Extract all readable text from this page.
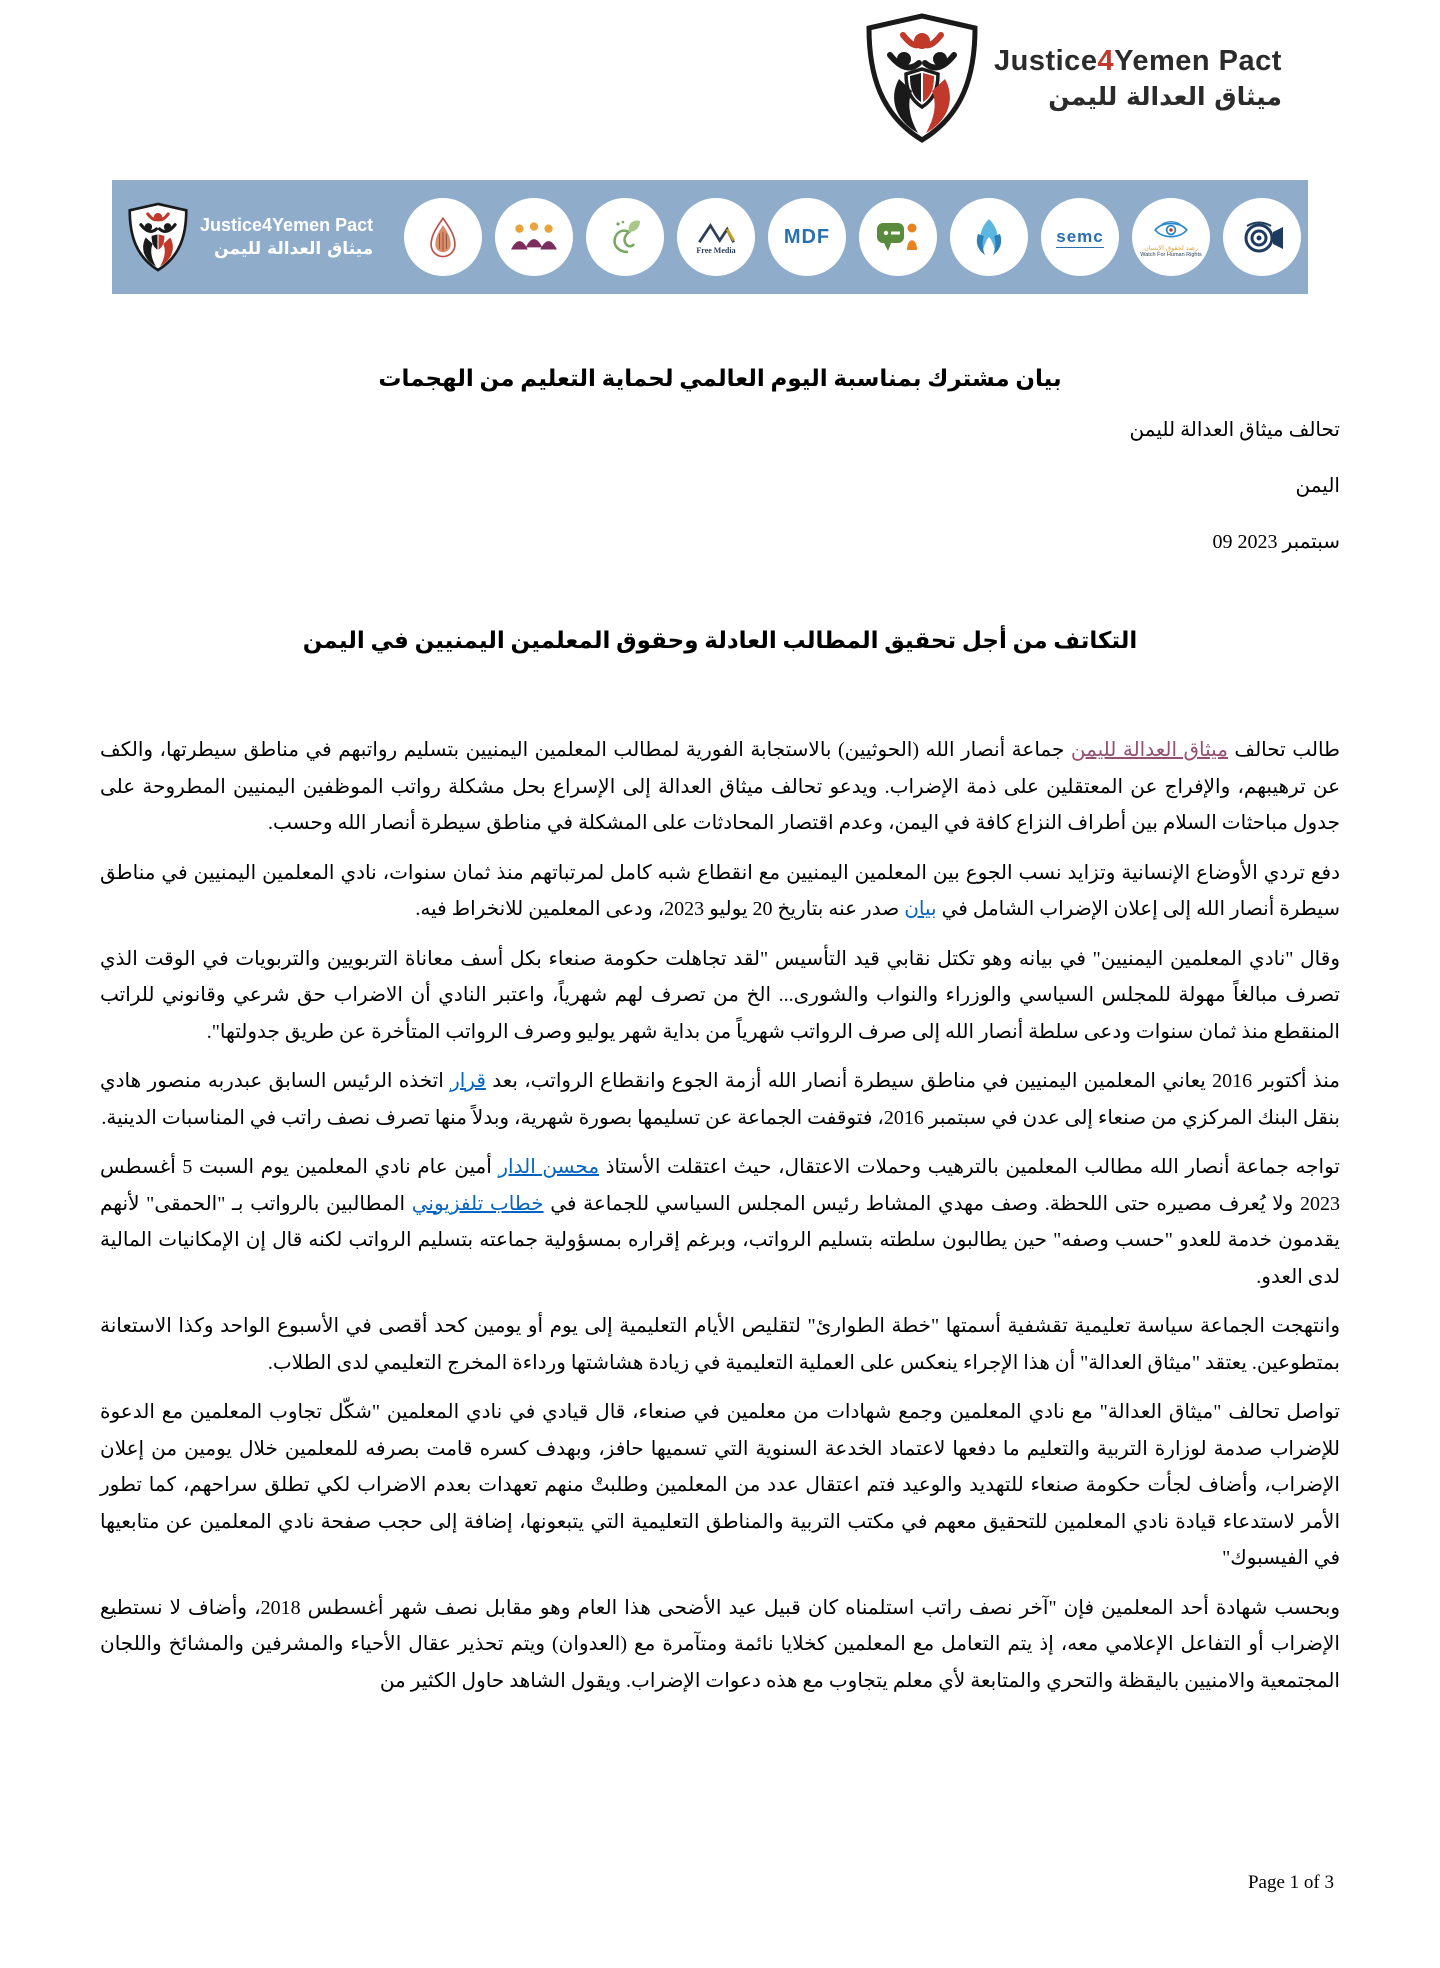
Justice4Yemen Pact
ميثاق العدالة لليمن
Justice4Yemen Pact
ميثاق العدالة للیمن	Free Media
MDF	semc
رصد لحقوق الإنسان
Watch For Human Rights
بيان مشترك بمناسبة اليوم العالمي لحماية التعليم من الهجمات
تحالف ميثاق العدالة لليمن
اليمن
09 سبتمبر 2023
التكاتف من أجل تحقيق المطالب العادلة وحقوق المعلمين اليمنيين في اليمن

طالب تحالف ميثاق العدالة لليمن جماعة أنصار الله (الحوثيين) بالاستجابة الفورية لمطالب المعلمين اليمنيين بتسليم رواتبهم في مناطق سيطرتها، والكف عن ترهيبهم، والإفراج عن المعتقلين على ذمة الإضراب. ويدعو تحالف ميثاق العدالة إلى الإسراع بحل مشكلة رواتب الموظفين اليمنيين المطروحة على جدول مباحثات السلام بين أطراف النزاع كافة في اليمن، وعدم اقتصار المحادثات على المشكلة في مناطق سيطرة أنصار الله وحسب.

دفع تردي الأوضاع الإنسانية وتزايد نسب الجوع بين المعلمين اليمنيين مع انقطاع شبه كامل لمرتباتهم منذ ثمان سنوات، نادي المعلمين اليمنيين في مناطق سيطرة أنصار الله إلى إعلان الإضراب الشامل في بيان صدر عنه بتاريخ 20 يوليو 2023، ودعى المعلمين للانخراط فيه.

وقال "نادي المعلمين اليمنيين" في بيانه وهو تكتل نقابي قيد التأسيس "لقد تجاهلت حكومة صنعاء بكل أسف معاناة التربويين والتربويات في الوقت الذي تصرف مبالغاً مهولة للمجلس السياسي والوزراء والنواب والشورى... الخ من تصرف لهم شهرياً، واعتبر النادي أن الاضراب حق شرعي وقانوني للراتب المنقطع منذ ثمان سنوات ودعى سلطة أنصار الله إلى صرف الرواتب شهرياً من بداية شهر يوليو وصرف الرواتب المتأخرة عن طريق جدولتها".

منذ أكتوبر 2016 يعاني المعلمين اليمنيين في مناطق سيطرة أنصار الله أزمة الجوع وانقطاع الرواتب، بعد قرار اتخذه الرئيس السابق عبدربه منصور هادي بنقل البنك المركزي من صنعاء إلى عدن في سبتمبر 2016، فتوقفت الجماعة عن تسليمها بصورة شهرية، وبدلاً منها تصرف نصف راتب في المناسبات الدينية.

تواجه جماعة أنصار الله مطالب المعلمين بالترهيب وحملات الاعتقال، حيث اعتقلت الأستاذ محسن الدار أمين عام نادي المعلمين يوم السبت 5 أغسطس 2023 ولا يُعرف مصيره حتى اللحظة. وصف مهدي المشاط رئيس المجلس السياسي للجماعة في خطاب تلفزيوني المطالبين بالرواتب بـ "الحمقى" لأنهم يقدمون خدمة للعدو "حسب وصفه" حين يطالبون سلطته بتسليم الرواتب، وبرغم إقراره بمسؤولية جماعته بتسليم الرواتب لكنه قال إن الإمكانيات المالية لدى العدو.

وانتهجت الجماعة سياسة تعليمية تقشفية أسمتها "خطة الطوارئ" لتقليص الأيام التعليمية إلى يوم أو يومين كحد أقصى في الأسبوع الواحد وكذا الاستعانة بمتطوعين. يعتقد "ميثاق العدالة" أن هذا الإجراء ينعكس على العملية التعليمية في زيادة هشاشتها ورداءة المخرج التعليمي لدى الطلاب.

تواصل تحالف "ميثاق العدالة" مع نادي المعلمين وجمع شهادات من معلمين في صنعاء، قال قيادي في نادي المعلمين "شكّل تجاوب المعلمين مع الدعوة للإضراب صدمة لوزارة التربية والتعليم ما دفعها لاعتماد الخدعة السنوية التي تسميها حافز، وبهدف كسره قامت بصرفه للمعلمين خلال يومين من إعلان الإضراب، وأضاف لجأت حكومة صنعاء للتهديد والوعيد فتم اعتقال عدد من المعلمين وطلبتْ منهم تعهدات بعدم الاضراب لكي تطلق سراحهم، كما تطور الأمر لاستدعاء قيادة نادي المعلمين للتحقيق معهم في مكتب التربية والمناطق التعليمية التي يتبعونها، إضافة إلى حجب صفحة نادي المعلمين عن متابعيها في الفيسبوك"

وبحسب شهادة أحد المعلمين فإن "آخر نصف راتب استلمناه كان قبيل عيد الأضحى هذا العام وهو مقابل نصف شهر أغسطس 2018، وأضاف لا نستطيع الإضراب أو التفاعل الإعلامي معه، إذ يتم التعامل مع المعلمين كخلايا نائمة ومتآمرة مع (العدوان) ويتم تحذير عقال الأحياء والمشرفين والمشائخ واللجان المجتمعية والامنيين باليقظة والتحري والمتابعة لأي معلم يتجاوب مع هذه دعوات الإضراب. ويقول الشاهد حاول الكثير من

Page 1 of 3
